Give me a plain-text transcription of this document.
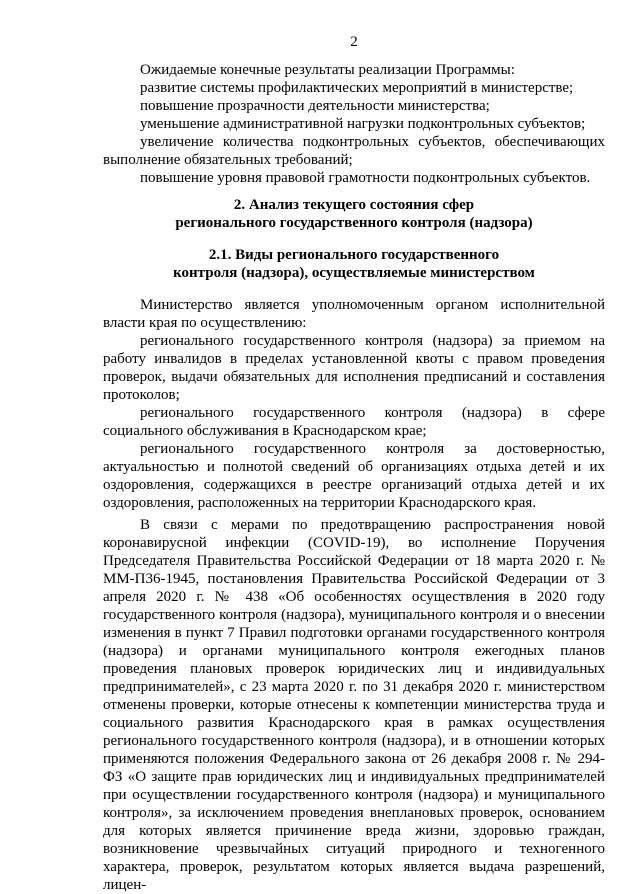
2

Ожидаемые конечные результаты реализации Программы:

развитие системы профилактических мероприятий в министерстве;

повышение прозрачности деятельности министерства;

уменьшение административной нагрузки подконтрольных субъектов;

увеличение количества подконтрольных субъектов, обеспечивающих выполнение обязательных требований;

повышение уровня правовой грамотности подконтрольных субъектов.

2. Анализ текущего состояния сфер

регионального государственного контроля (надзора)

2.1. Виды регионального государственного

контроля (надзора), осуществляемые министерством

Министерство является уполномоченным органом исполнительной власти края по осуществлению:

регионального государственного контроля (надзора) за приемом на работу инвалидов в пределах установленной квоты с правом проведения проверок, выдачи обязательных для исполнения предписаний и составления протоколов;

регионального государственного контроля (надзора) в сфере социального обслуживания в Краснодарском крае;

регионального государственного контроля за достоверностью, актуальностью и полнотой сведений об организациях отдыха детей и их оздоровления, содержащихся в реестре организаций отдыха детей и их оздоровления, расположенных на территории Краснодарского края.

В связи с мерами по предотвращению распространения новой коронавирусной инфекции (COVID-19), во исполнение Поручения Председателя Правительства Российской Федерации от 18 марта 2020 г. № ММ-П36-1945, постановления Правительства Российской Федерации от 3 апреля 2020 г. № 438 «Об особенностях осуществления в 2020 году государственного контроля (надзора), муниципального контроля и о внесении изменения в пункт 7 Правил подготовки органами государственного контроля (надзора) и органами муниципального контроля ежегодных планов проведения плановых проверок юридических лиц и индивидуальных предпринимателей», с 23 марта 2020 г. по 31 декабря 2020 г. министерством отменены проверки, которые отнесены к компетенции министерства труда и социального развития Краснодарского края в рамках осуществления регионального государственного контроля (надзора), и в отношении которых применяются положения Федерального закона от 26 декабря 2008 г. № 294-ФЗ «О защите прав юридических лиц и индивидуальных предпринимателей при осуществлении государственного контроля (надзора) и муниципального контроля», за исключением проведения внеплановых проверок, основанием для которых является причинение вреда жизни, здоровью граждан, возникновение чрезвычайных ситуаций природного и техногенного характера, проверок, результатом которых является выдача разрешений, лицен-
